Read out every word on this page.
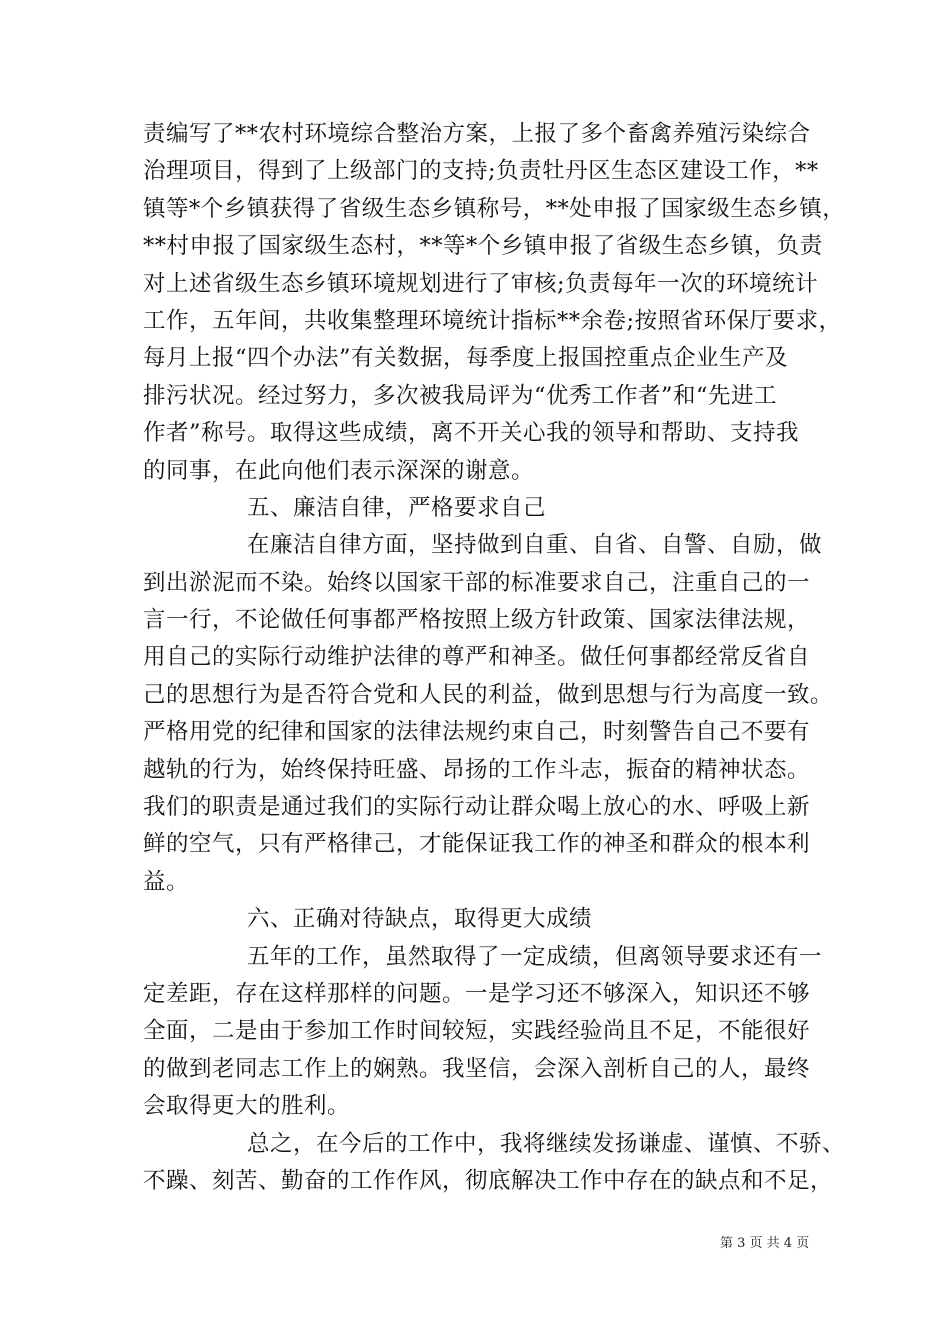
责编写了**农村环境综合整治方案，上报了多个畜禽养殖污染综合
治理项目，得到了上级部门的支持;负责牡丹区生态区建设工作，**
镇等*个乡镇获得了省级生态乡镇称号，**处申报了国家级生态乡镇，
**村申报了国家级生态村，**等*个乡镇申报了省级生态乡镇，负责
对上述省级生态乡镇环境规划进行了审核;负责每年一次的环境统计
工作，五年间，共收集整理环境统计指标**余卷;按照省环保厅要求，
每月上报“四个办法”有关数据，每季度上报国控重点企业生产及
排污状况。经过努力，多次被我局评为“优秀工作者”和“先进工
作者”称号。取得这些成绩，离不开关心我的领导和帮助、支持我
的同事，在此向他们表示深深的谢意。
五、廉洁自律，严格要求自己
在廉洁自律方面，坚持做到自重、自省、自警、自励，做
到出淤泥而不染。始终以国家干部的标准要求自己，注重自己的一
言一行，不论做任何事都严格按照上级方针政策、国家法律法规，
用自己的实际行动维护法律的尊严和神圣。做任何事都经常反省自
己的思想行为是否符合党和人民的利益，做到思想与行为高度一致。
严格用党的纪律和国家的法律法规约束自己，时刻警告自己不要有
越轨的行为，始终保持旺盛、昂扬的工作斗志，振奋的精神状态。
我们的职责是通过我们的实际行动让群众喝上放心的水、呼吸上新
鲜的空气，只有严格律己，才能保证我工作的神圣和群众的根本利
益。
六、正确对待缺点，取得更大成绩
五年的工作，虽然取得了一定成绩，但离领导要求还有一
定差距，存在这样那样的问题。一是学习还不够深入，知识还不够
全面，二是由于参加工作时间较短，实践经验尚且不足，不能很好
的做到老同志工作上的娴熟。我坚信，会深入剖析自己的人，最终
会取得更大的胜利。
总之，在今后的工作中，我将继续发扬谦虚、谨慎、不骄、
不躁、刻苦、勤奋的工作作风，彻底解决工作中存在的缺点和不足，
第 3 页 共 4 页
